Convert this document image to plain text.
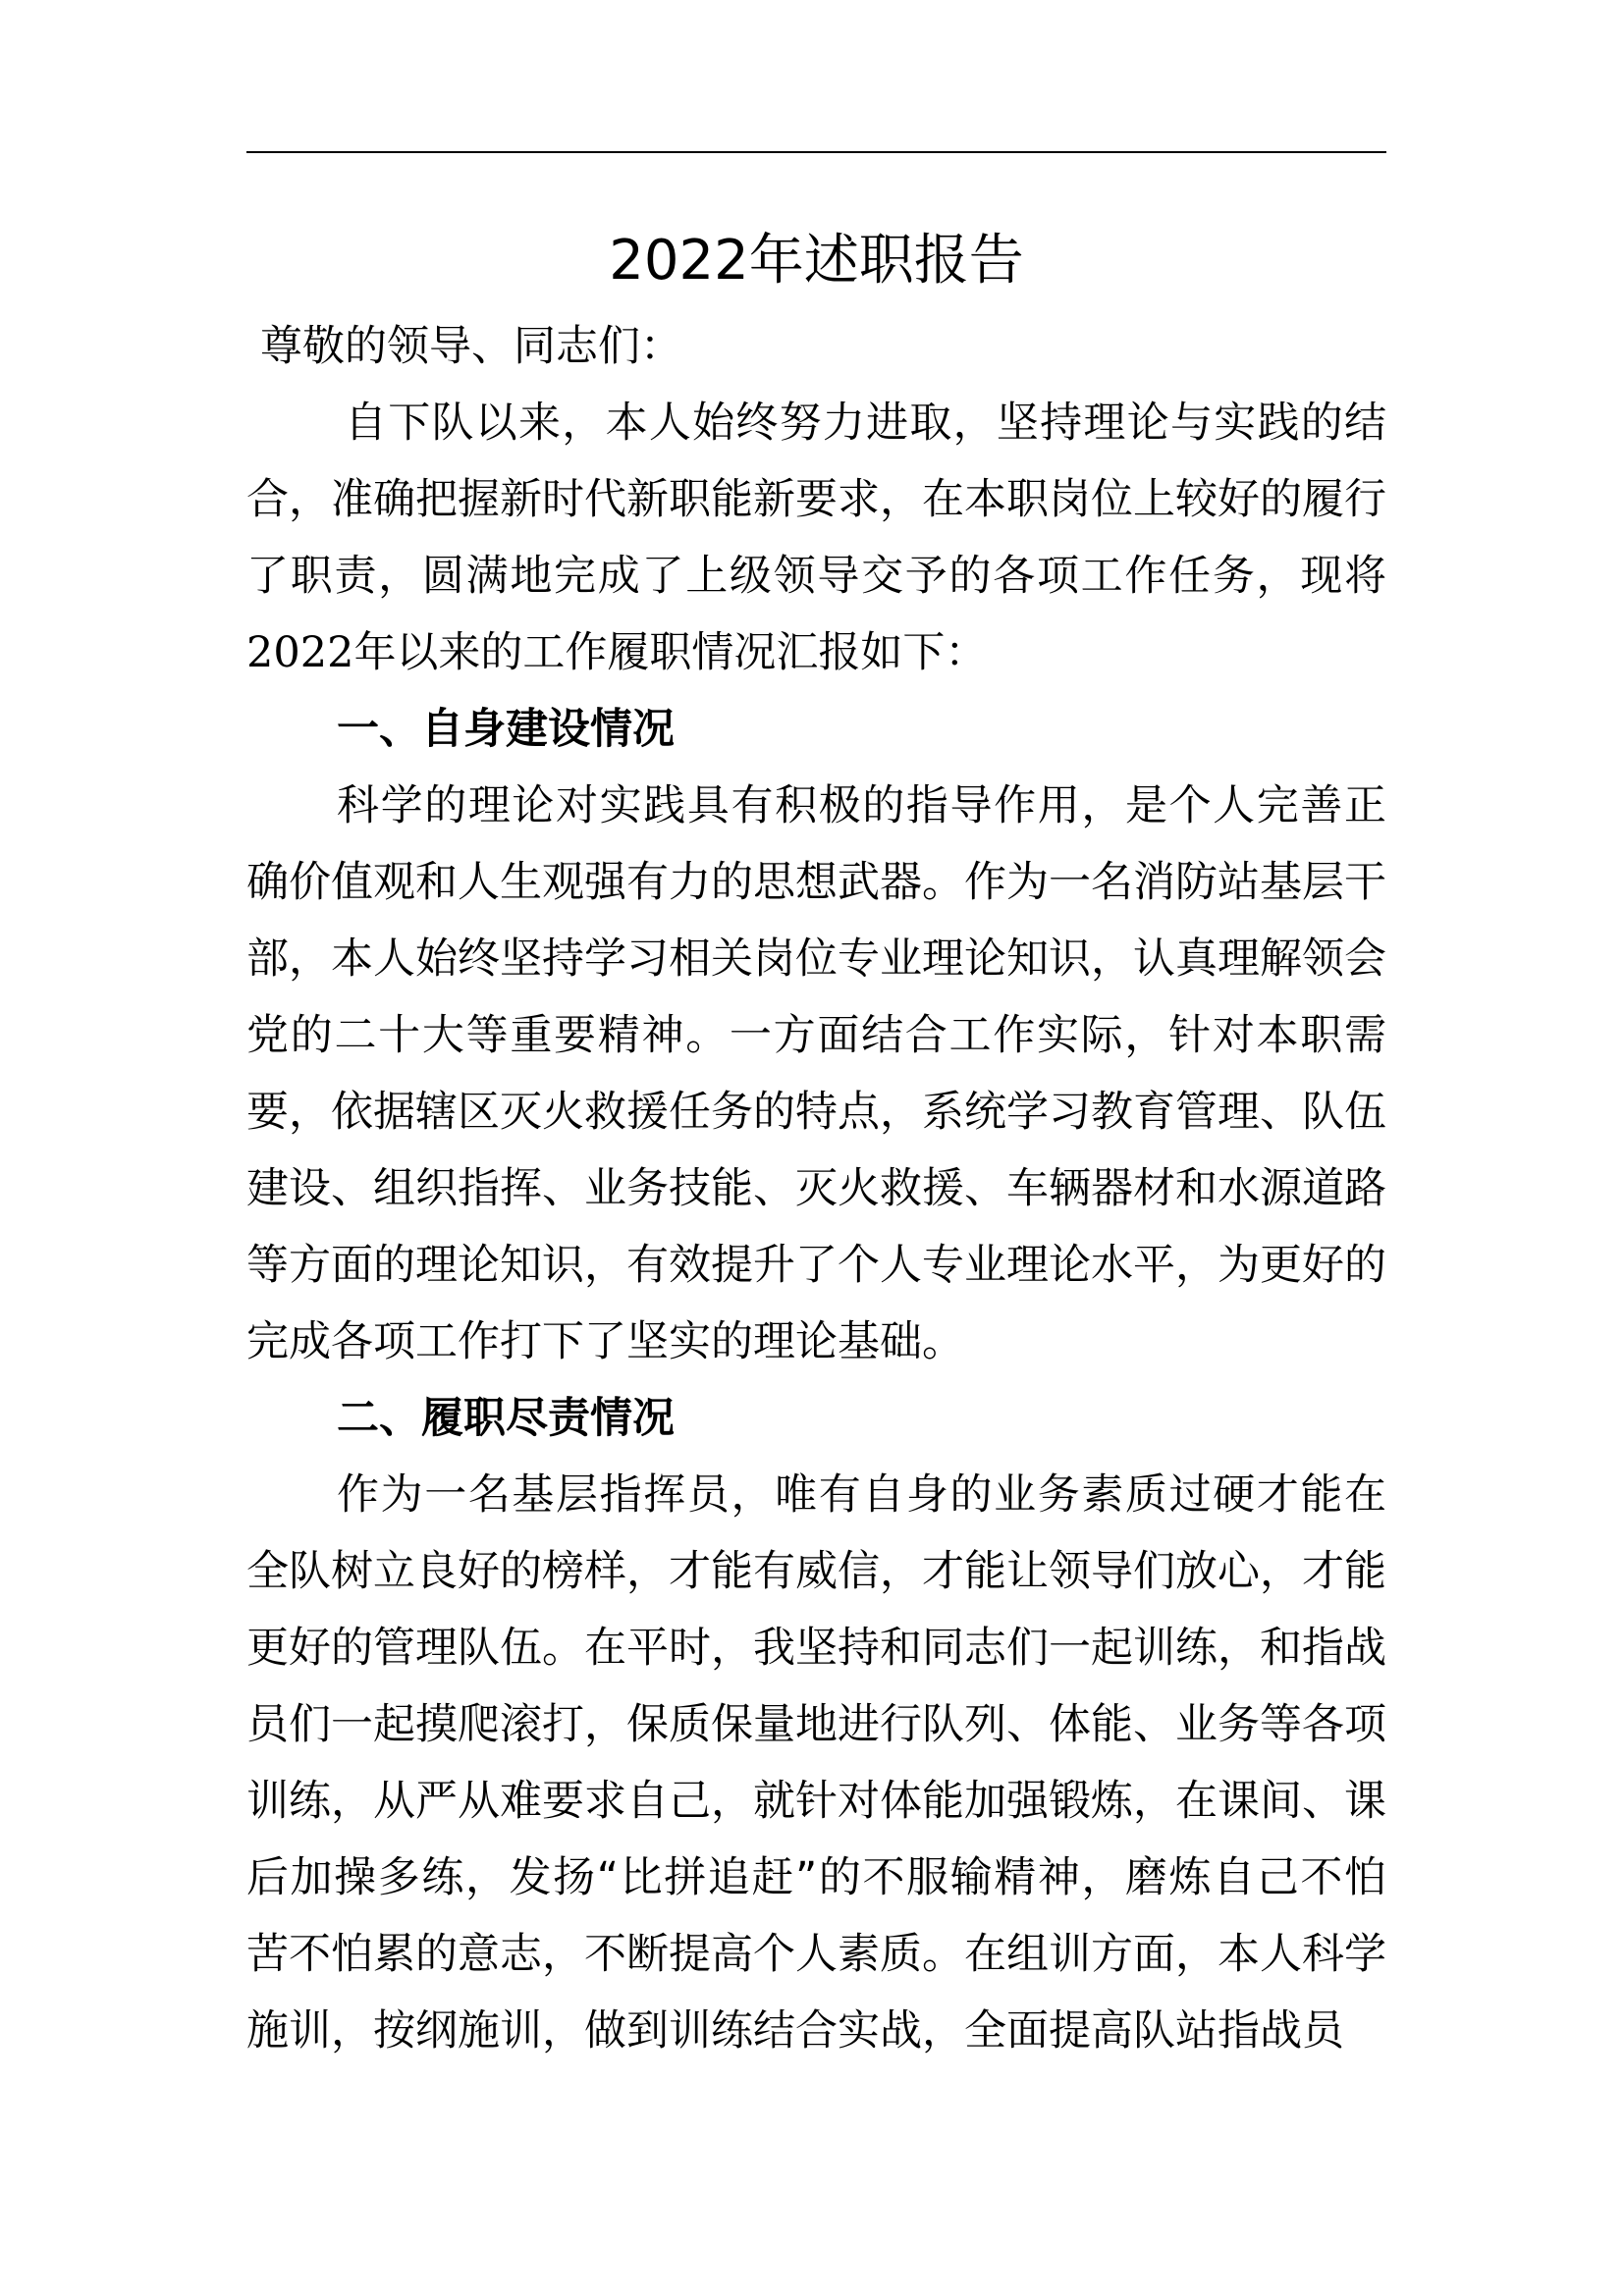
2022年述职报告

尊敬的领导、同志们：

自下队以来，本人始终努力进取，坚持理论与实践的结合，准确把握新时代新职能新要求，在本职岗位上较好的履行了职责，圆满地完成了上级领导交予的各项工作任务，现将2022年以来的工作履职情况汇报如下：

一、自身建设情况

科学的理论对实践具有积极的指导作用，是个人完善正确价值观和人生观强有力的思想武器。作为一名消防站基层干部，本人始终坚持学习相关岗位专业理论知识，认真理解领会党的二十大等重要精神。一方面结合工作实际，针对本职需要，依据辖区灭火救援任务的特点，系统学习教育管理、队伍建设、组织指挥、业务技能、灭火救援、车辆器材和水源道路等方面的理论知识，有效提升了个人专业理论水平，为更好的完成各项工作打下了坚实的理论基础。

二、履职尽责情况

作为一名基层指挥员，唯有自身的业务素质过硬才能在全队树立良好的榜样，才能有威信，才能让领导们放心，才能更好的管理队伍。在平时，我坚持和同志们一起训练，和指战员们一起摸爬滚打，保质保量地进行队列、体能、业务等各项训练，从严从难要求自己，就针对体能加强锻炼，在课间、课后加操多练，发扬“比拼追赶”的不服输精神，磨炼自己不怕苦不怕累的意志，不断提高个人素质。在组训方面，本人科学施训，按纲施训，做到训练结合实战，全面提高队站指战员
